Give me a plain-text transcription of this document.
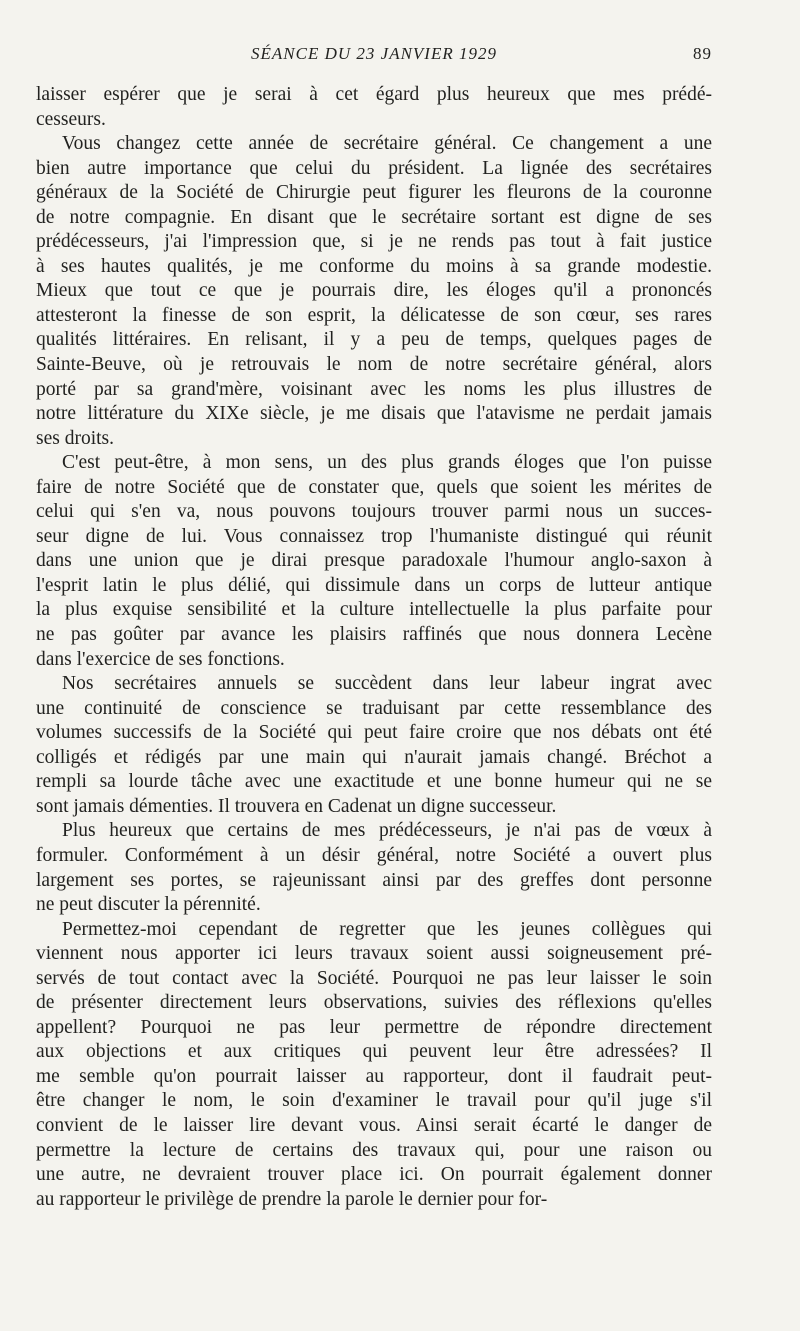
SÉANCE DU 23 JANVIER 1929	89
laisser espérer que je serai à cet égard plus heureux que mes prédé-
cesseurs.
Vous changez cette année de secrétaire général. Ce changement a une
bien autre importance que celui du président. La lignée des secrétaires
généraux de la Société de Chirurgie peut figurer les fleurons de la couronne
de notre compagnie. En disant que le secrétaire sortant est digne de ses
prédécesseurs, j'ai l'impression que, si je ne rends pas tout à fait justice
à ses hautes qualités, je me conforme du moins à sa grande modestie.
Mieux que tout ce que je pourrais dire, les éloges qu'il a prononcés
attesteront la finesse de son esprit, la délicatesse de son cœur, ses rares
qualités littéraires. En relisant, il y a peu de temps, quelques pages de
Sainte-Beuve, où je retrouvais le nom de notre secrétaire général, alors
porté par sa grand'mère, voisinant avec les noms les plus illustres de
notre littérature du XIXe siècle, je me disais que l'atavisme ne perdait jamais
ses droits.
C'est peut-être, à mon sens, un des plus grands éloges que l'on puisse
faire de notre Société que de constater que, quels que soient les mérites de
celui qui s'en va, nous pouvons toujours trouver parmi nous un succes-
seur digne de lui. Vous connaissez trop l'humaniste distingué qui réunit
dans une union que je dirai presque paradoxale l'humour anglo-saxon à
l'esprit latin le plus délié, qui dissimule dans un corps de lutteur antique
la plus exquise sensibilité et la culture intellectuelle la plus parfaite pour
ne pas goûter par avance les plaisirs raffinés que nous donnera Lecène
dans l'exercice de ses fonctions.
Nos secrétaires annuels se succèdent dans leur labeur ingrat avec
une continuité de conscience se traduisant par cette ressemblance des
volumes successifs de la Société qui peut faire croire que nos débats ont été
colligés et rédigés par une main qui n'aurait jamais changé. Bréchot a
rempli sa lourde tâche avec une exactitude et une bonne humeur qui ne se
sont jamais démenties. Il trouvera en Cadenat un digne successeur.
Plus heureux que certains de mes prédécesseurs, je n'ai pas de vœux à
formuler. Conformément à un désir général, notre Société a ouvert plus
largement ses portes, se rajeunissant ainsi par des greffes dont personne
ne peut discuter la pérennité.
Permettez-moi cependant de regretter que les jeunes collègues qui
viennent nous apporter ici leurs travaux soient aussi soigneusement pré-
servés de tout contact avec la Société. Pourquoi ne pas leur laisser le soin
de présenter directement leurs observations, suivies des réflexions qu'elles
appellent? Pourquoi ne pas leur permettre de répondre directement
aux objections et aux critiques qui peuvent leur être adressées? Il
me semble qu'on pourrait laisser au rapporteur, dont il faudrait peut-
être changer le nom, le soin d'examiner le travail pour qu'il juge s'il
convient de le laisser lire devant vous. Ainsi serait écarté le danger de
permettre la lecture de certains des travaux qui, pour une raison ou
une autre, ne devraient trouver place ici. On pourrait également donner
au rapporteur le privilège de prendre la parole le dernier pour for-
